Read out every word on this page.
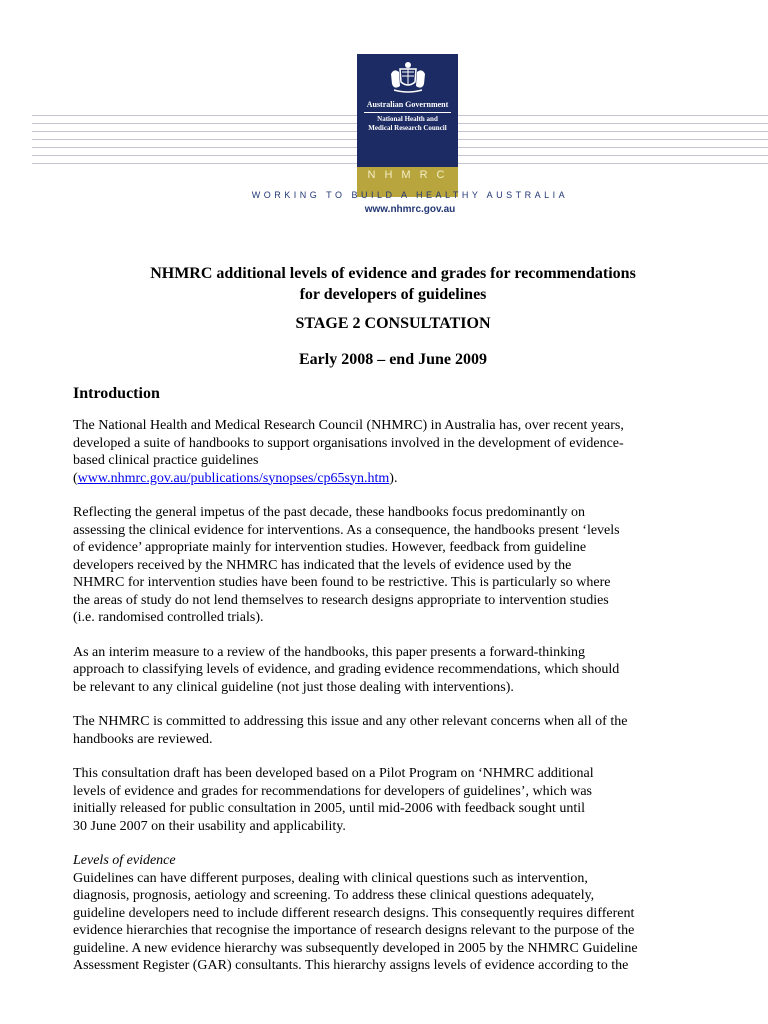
Australian Government
National Health and
Medical Research Council
NHMRC
WORKING TO BUILD A HEALTHY AUSTRALIA
www.nhmrc.gov.au
NHMRC additional levels of evidence and grades for recommendations
for developers of guidelines
STAGE 2 CONSULTATION
Early 2008 – end June 2009
Introduction

The National Health and Medical Research Council (NHMRC) in Australia has, over recent years,
developed a suite of handbooks to support organisations involved in the development of evidence-
based clinical practice guidelines
(www.nhmrc.gov.au/publications/synopses/cp65syn.htm).

Reflecting the general impetus of the past decade, these handbooks focus predominantly on
assessing the clinical evidence for interventions. As a consequence, the handbooks present ‘levels
of evidence’ appropriate mainly for intervention studies. However, feedback from guideline
developers received by the NHMRC has indicated that the levels of evidence used by the
NHMRC for intervention studies have been found to be restrictive. This is particularly so where
the areas of study do not lend themselves to research designs appropriate to intervention studies
(i.e. randomised controlled trials).

As an interim measure to a review of the handbooks, this paper presents a forward-thinking
approach to classifying levels of evidence, and grading evidence recommendations, which should
be relevant to any clinical guideline (not just those dealing with interventions).

The NHMRC is committed to addressing this issue and any other relevant concerns when all of the
handbooks are reviewed.

This consultation draft has been developed based on a Pilot Program on ‘NHMRC additional
levels of evidence and grades for recommendations for developers of guidelines’, which was
initially released for public consultation in 2005, until mid-2006 with feedback sought until
30 June 2007 on their usability and applicability.

Levels of evidence

Guidelines can have different purposes, dealing with clinical questions such as intervention,
diagnosis, prognosis, aetiology and screening. To address these clinical questions adequately,
guideline developers need to include different research designs. This consequently requires different
evidence hierarchies that recognise the importance of research designs relevant to the purpose of the
guideline. A new evidence hierarchy was subsequently developed in 2005 by the NHMRC Guideline
Assessment Register (GAR) consultants. This hierarchy assigns levels of evidence according to the
